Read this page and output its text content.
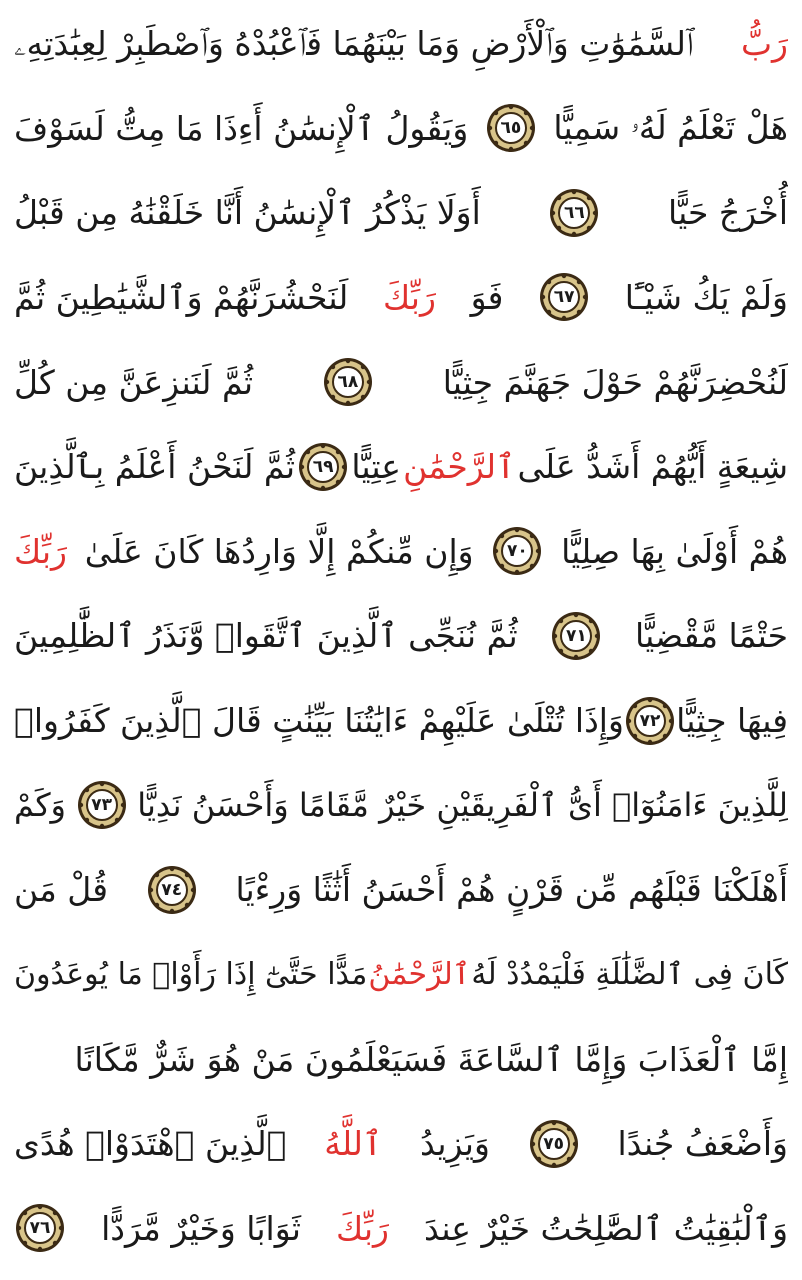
رَبُّ
ٱلسَّمَٰوَٰتِ وَٱلْأَرْضِ وَمَا بَيْنَهُمَا فَٱعْبُدْهُ وَٱصْطَبِرْ لِعِبَٰدَتِهِۦ
هَلْ تَعْلَمُ لَهُۥ سَمِيًّا
٦٥
وَيَقُولُ ٱلْإِنسَٰنُ أَءِذَا مَا مِتُّ لَسَوْفَ
أُخْرَجُ حَيًّا
٦٦
أَوَلَا يَذْكُرُ ٱلْإِنسَٰنُ أَنَّا خَلَقْنَٰهُ مِن قَبْلُ
وَلَمْ يَكُ شَيْـًٔا
٦٧
فَوَ
رَبِّكَ
لَنَحْشُرَنَّهُمْ وَٱلشَّيَٰطِينَ ثُمَّ
لَنُحْضِرَنَّهُمْ حَوْلَ جَهَنَّمَ جِثِيًّا
٦٨
ثُمَّ لَنَنزِعَنَّ مِن كُلِّ
شِيعَةٍ أَيُّهُمْ أَشَدُّ عَلَى
ٱلرَّحْمَٰنِ
عِتِيًّا
٦٩
ثُمَّ لَنَحْنُ أَعْلَمُ بِٱلَّذِينَ
هُمْ أَوْلَىٰ بِهَا صِلِيًّا
٧٠
وَإِن مِّنكُمْ إِلَّا وَارِدُهَا كَانَ عَلَىٰ
رَبِّكَ
حَتْمًا مَّقْضِيًّا
٧١
ثُمَّ نُنَجِّى ٱلَّذِينَ ٱتَّقَوا۟ وَّنَذَرُ ٱلظَّٰلِمِينَ
فِيهَا جِثِيًّا
٧٢
وَإِذَا تُتْلَىٰ عَلَيْهِمْ ءَايَٰتُنَا بَيِّنَٰتٍ قَالَ ٱلَّذِينَ كَفَرُوا۟
لِلَّذِينَ ءَامَنُوٓا۟ أَىُّ ٱلْفَرِيقَيْنِ خَيْرٌ مَّقَامًا وَأَحْسَنُ نَدِيًّا
٧٣
وَكَمْ
أَهْلَكْنَا قَبْلَهُم مِّن قَرْنٍ هُمْ أَحْسَنُ أَثَٰثًا وَرِءْيًا
٧٤
قُلْ مَن
كَانَ فِى ٱلضَّلَٰلَةِ فَلْيَمْدُدْ لَهُ
ٱلرَّحْمَٰنُ
مَدًّا حَتَّىٰٓ إِذَا رَأَوْا۟ مَا يُوعَدُونَ
إِمَّا ٱلْعَذَابَ وَإِمَّا ٱلسَّاعَةَ فَسَيَعْلَمُونَ مَنْ هُوَ شَرٌّ مَّكَانًا
وَأَضْعَفُ جُندًا
٧٥
وَيَزِيدُ
ٱللَّهُ
ٱلَّذِينَ ٱهْتَدَوْا۟ هُدًى
وَٱلْبَٰقِيَٰتُ ٱلصَّٰلِحَٰتُ خَيْرٌ عِندَ
رَبِّكَ
ثَوَابًا وَخَيْرٌ مَّرَدًّا
٧٦
